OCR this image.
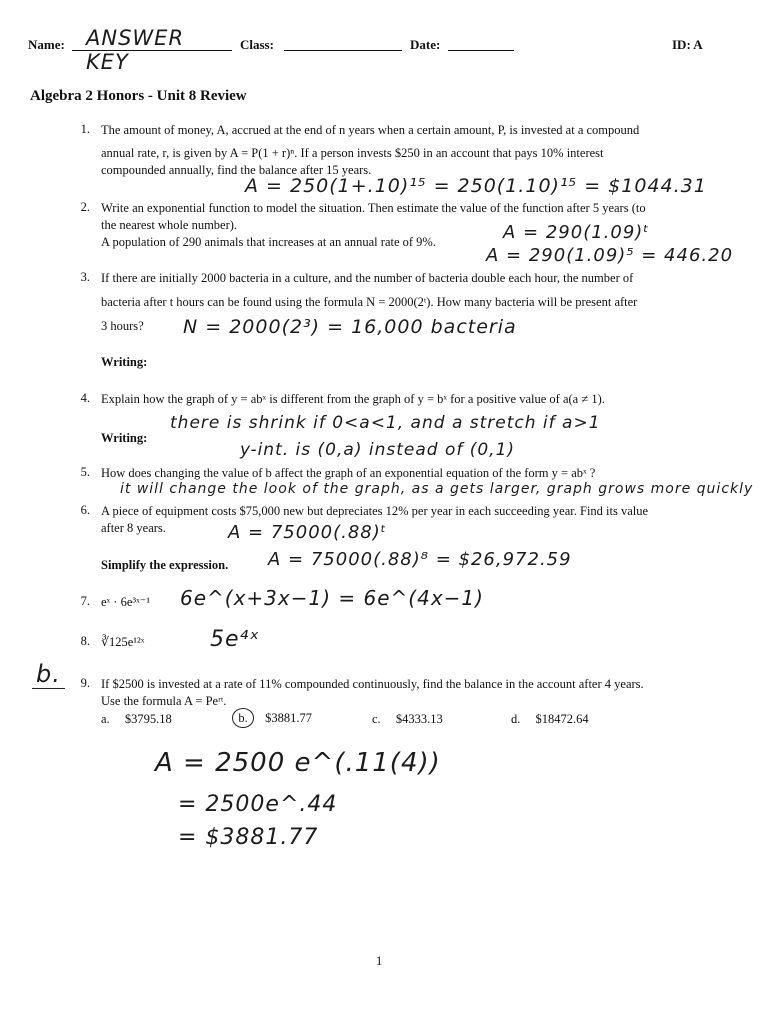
Name: ANSWER KEY
Class:	Date:	ID: A
Algebra 2 Honors - Unit 8 Review
1. The amount of money, A, accrued at the end of n years when a certain amount, P, is invested at a compound
annual rate, r, is given by A = P(1 + r)ⁿ. If a person invests $250 in an account that pays 10% interest
compounded annually, find the balance after 15 years.
A = 250(1+.10)¹⁵ = 250(1.10)¹⁵ = $1044.31
2. Write an exponential function to model the situation. Then estimate the value of the function after 5 years (to
the nearest whole number).
A population of 290 animals that increases at an annual rate of 9%.	A = 290(1.09)ᵗ
A = 290(1.09)⁵ = 446.20
3. If there are initially 2000 bacteria in a culture, and the number of bacteria double each hour, the number of
bacteria after t hours can be found using the formula N = 2000(2ᵗ). How many bacteria will be present after
3 hours?	N = 2000(2³) = 16,000 bacteria
Writing:
4. Explain how the graph of y = abˣ is different from the graph of y = bˣ for a positive value of a(a ≠ 1).
there is shrink if 0<a<1, and a stretch if a>1
y-int. is (0,a) instead of (0,1)
Writing:
5. How does changing the value of b affect the graph of an exponential equation of the form y = abˣ ?
it will change the look of the graph, as a gets larger, graph grows more quickly
6. A piece of equipment costs $75,000 new but depreciates 12% per year in each succeeding year. Find its value
after 8 years.	A = 75000(.88)ᵗ
A = 75000(.88)⁸ = $26,972.59
Simplify the expression.
7. eˣ · 6e³ˣ⁻¹ 6e^(x+3x−1) = 6e^(4x−1)
8. ∛125e¹²ˣ	5e⁴ˣ
b.	9. If $2500 is invested at a rate of 11% compounded continuously, find the balance in the account after 4 years.
Use the formula A = Peʳᵗ.
a. $3795.18	b. $3881.77	c. $4333.13	d. $18472.64
A = 2500 e^(.11(4))
= 2500e^.44
= $3881.77
1
